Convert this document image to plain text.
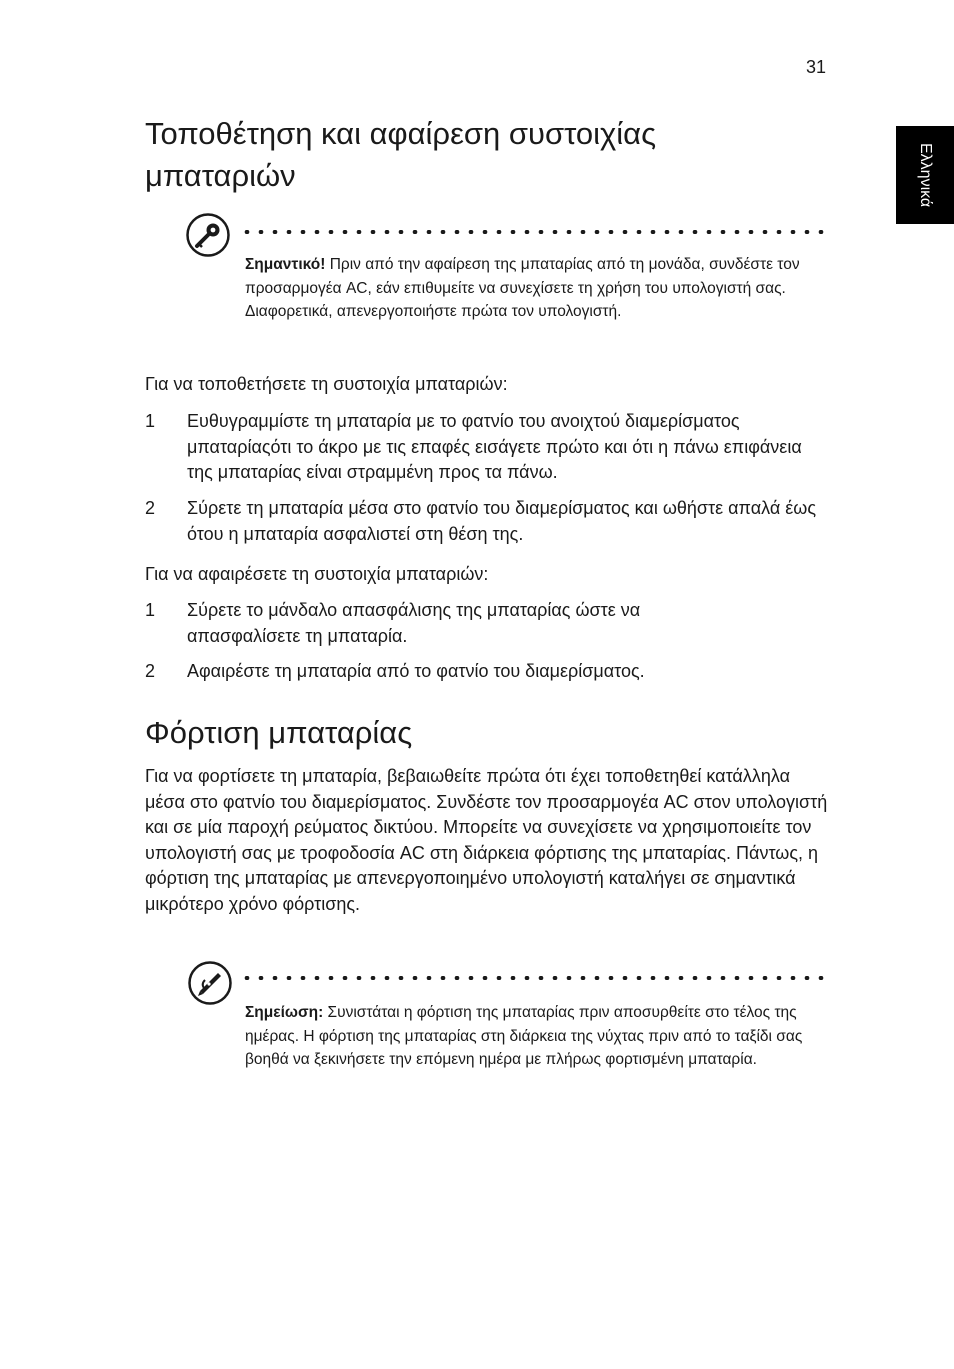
31
Ελληνικά
Τοποθέτηση και αφαίρεση συστοιχίας μπαταριών
Σημαντικό! Πριν από την αφαίρεση της μπαταρίας από τη μονάδα, συνδέστε τον προσαρμογέα AC, εάν επιθυμείτε να συνεχίσετε τη χρήση του υπολογιστή σας. Διαφορετικά, απενεργοποιήστε πρώτα τον υπολογιστή.
Για να τοποθετήσετε τη συστοιχία μπαταριών:
1 Ευθυγραμμίστε τη μπαταρία με το φατνίο του ανοιχτού διαμερίσματος μπαταρίαςότι το άκρο με τις επαφές εισάγετε πρώτο και ότι η πάνω επιφάνεια της μπαταρίας είναι στραμμένη προς τα πάνω.
2 Σύρετε τη μπαταρία μέσα στο φατνίο του διαμερίσματος και ωθήστε απαλά έως ότου η μπαταρία ασφαλιστεί στη θέση της.
Για να αφαιρέσετε τη συστοιχία μπαταριών:
1 Σύρετε το μάνδαλο απασφάλισης της μπαταρίας ώστε να απασφαλίσετε τη μπαταρία.
2 Αφαιρέστε τη μπαταρία από το φατνίο του διαμερίσματος.
Φόρτιση μπαταρίας
Για να φορτίσετε τη μπαταρία, βεβαιωθείτε πρώτα ότι έχει τοποθετηθεί κατάλληλα μέσα στο φατνίο του διαμερίσματος. Συνδέστε τον προσαρμογέα AC στον υπολογιστή και σε μία παροχή ρεύματος δικτύου. Μπορείτε να συνεχίσετε να χρησιμοποιείτε τον υπολογιστή σας με τροφοδοσία AC στη διάρκεια φόρτισης της μπαταρίας. Πάντως, η φόρτιση της μπαταρίας με απενεργοποιημένο υπολογιστή καταλήγει σε σημαντικά μικρότερο χρόνο φόρτισης.
Σημείωση: Συνιστάται η φόρτιση της μπαταρίας πριν αποσυρθείτε στο τέλος της ημέρας. Η φόρτιση της μπαταρίας στη διάρκεια της νύχτας πριν από το ταξίδι σας βοηθά να ξεκινήσετε την επόμενη ημέρα με πλήρως φορτισμένη μπαταρία.
